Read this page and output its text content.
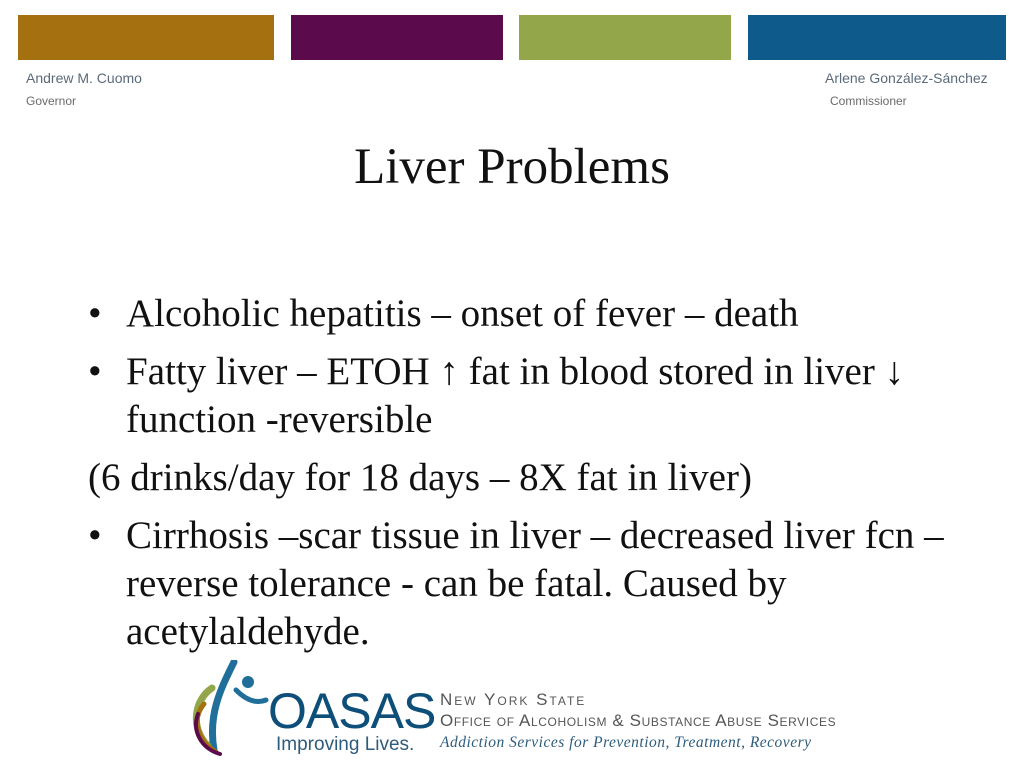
Andrew M. Cuomo
Governor
Arlene González-Sánchez
Commissioner
Liver Problems
• Alcoholic hepatitis – onset of fever – death
• Fatty liver – ETOH ↑ fat in blood stored in liver ↓ function -reversible
(6 drinks/day for 18 days – 8X fat in liver)
• Cirrhosis –scar tissue in liver – decreased liver fcn – reverse tolerance - can be fatal. Caused by acetylaldehyde.
OASAS
Improving Lives.
New York State
Office of Alcoholism & Substance Abuse Services
Addiction Services for Prevention, Treatment, Recovery
